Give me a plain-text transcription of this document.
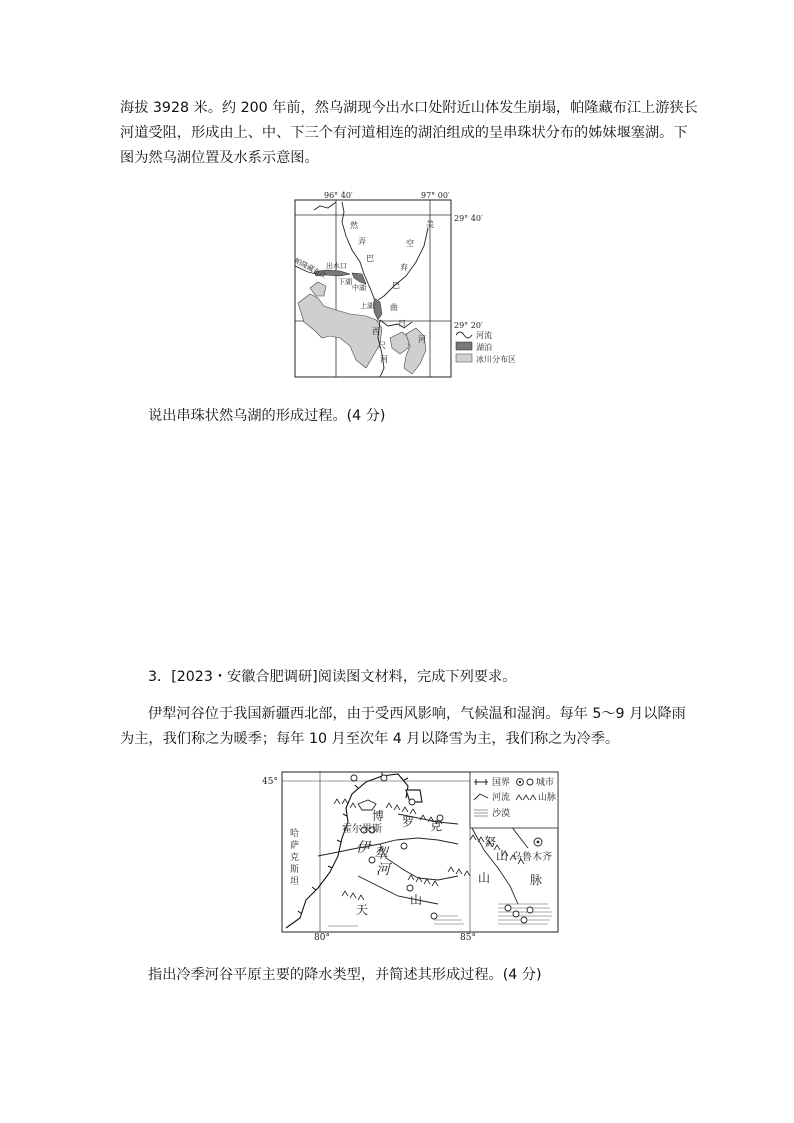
海拔 3928 米。约 200 年前，然乌湖现今出水口处附近山体发生崩塌，帕隆藏布江上游狭长
河道受阻，形成由上、中、下三个有河道相连的湖泊组成的呈串珠状分布的姊妹堰塞湖。下
图为然乌湖位置及水系示意图。
96° 40′	97° 00′
29° 40′
29° 20′
出水口
下湖
中湖
上湖
帕隆藏布江
然
弄
巴
巴
美
空
弃
曲
日
西
尺
河
河	河流
湖泊
冰川分布区

说出串珠状然乌湖的形成过程。(4 分)

3．[2023・安徽合肥调研]阅读图文材料，完成下列要求。

伊犁河谷位于我国新疆西北部，由于受西风影响，气候温和湿润。每年 5～9 月以降雨
为主，我们称之为暖季；每年 10 月至次年 4 月以降雪为主，我们称之为冷季。
45°
80°	85°
哈
萨
克
斯
坦
霍尔果斯
乌鲁木齐
博 罗 克
努
山
山	脉
天
山
伊 犁
河
国界	城市
河流	山脉
沙漠

指出冷季河谷平原主要的降水类型，并简述其形成过程。(4 分)
